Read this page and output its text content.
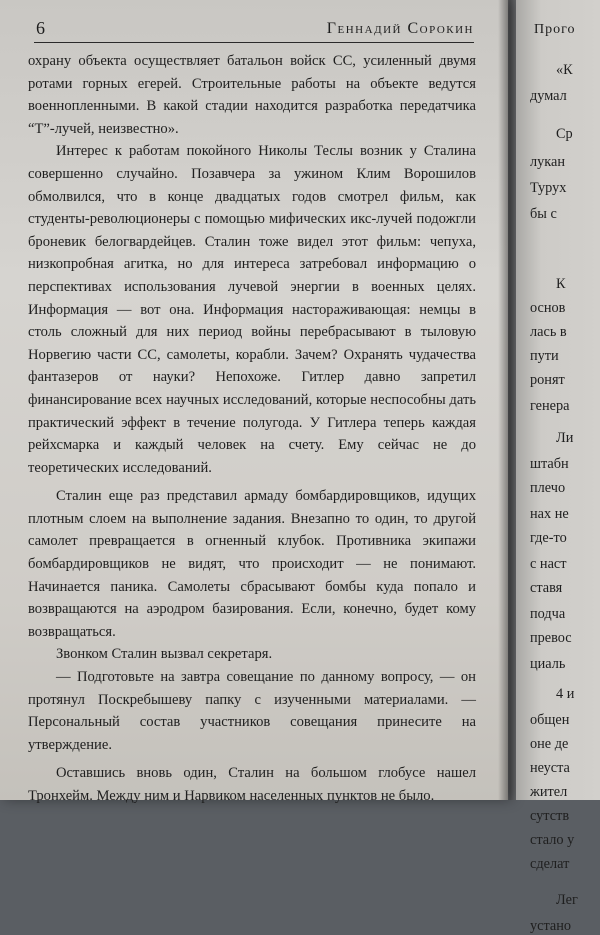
6	Геннадий Сорокин

охрану объекта осуществляет батальон войск СС, усиленный двумя ротами горных егерей. Строительные работы на объекте ведутся военнопленными. В какой стадии находится разработка передатчика “Т”-лучей, неизвестно».

Интерес к работам покойного Николы Теслы возник у Сталина совершенно случайно. Позавчера за ужином Клим Ворошилов обмолвился, что в конце двадцатых годов смотрел фильм, как студенты-революционеры с помощью мифических икс-лучей подожгли броневик белогвардейцев. Сталин тоже видел этот фильм: чепуха, низкопробная агитка, но для интереса затребовал информацию о перспективах использования лучевой энергии в военных целях. Информация — вот она. Информация настораживающая: немцы в столь сложный для них период войны перебрасывают в тыловую Норвегию части СС, самолеты, корабли. Зачем? Охранять чудачества фантазеров от науки? Непохоже. Гитлер давно запретил финансирование всех научных исследований, которые неспособны дать практический эффект в течение полугода. У Гитлера теперь каждая рейхсмарка и каждый человек на счету. Ему сейчас не до теоретических исследований.

Сталин еще раз представил армаду бомбардировщиков, идущих плотным слоем на выполнение задания. Внезапно то один, то другой самолет превращается в огненный клубок. Противника экипажи бомбардировщиков не видят, что происходит — не понимают. Начинается паника. Самолеты сбрасывают бомбы куда попало и возвращаются на аэродром базирования. Если, конечно, будет кому возвращаться.

Звонком Сталин вызвал секретаря.

— Подготовьте на завтра совещание по данному вопросу, — он протянул Поскребышеву папку с изученными материалами. — Персональный состав участников совещания принесите на утверждение.

Оставшись вновь один, Сталин на большом глобусе нашел Тронхейм. Между ним и Нарвиком населенных пунктов не было.

Прого
«К
думал
Ср
лукан
Турух
бы с
К
основ
лась в
пути
ронят
генера
Ли
штабн
плечо
нах не
где-то
с наст
ставя
подча
превос
циаль
4 и
общен
оне де
неуста
жител
сутств
стало у
сделат
Лег
устано
